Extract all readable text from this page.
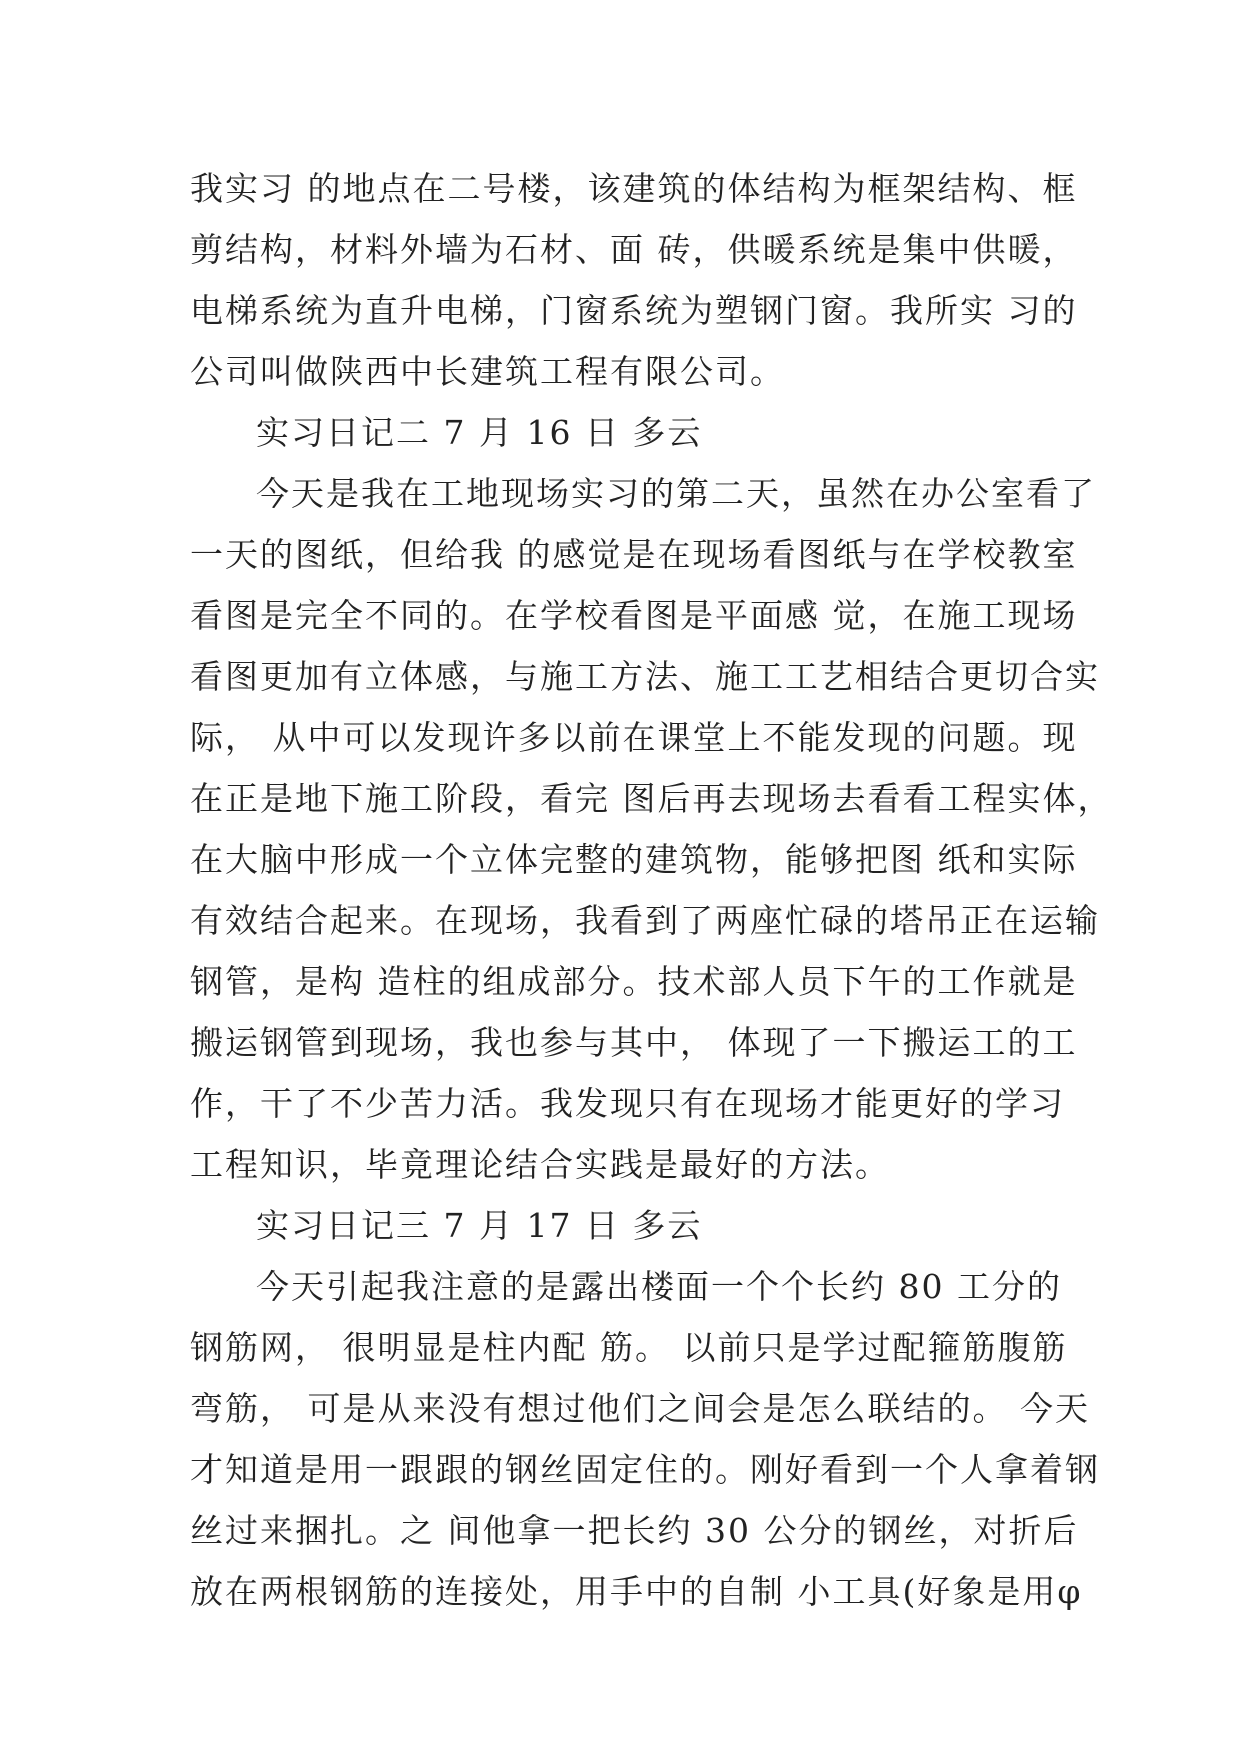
我实习 的地点在二号楼，该建筑的体结构为框架结构、框
剪结构，材料外墙为石材、面 砖，供暖系统是集中供暖，
电梯系统为直升电梯，门窗系统为塑钢门窗。我所实 习的
公司叫做陕西中长建筑工程有限公司。
实习日记二 7 月 16 日 多云
今天是我在工地现场实习的第二天，虽然在办公室看了
一天的图纸，但给我 的感觉是在现场看图纸与在学校教室
看图是完全不同的。在学校看图是平面感 觉，在施工现场
看图更加有立体感，与施工方法、施工工艺相结合更切合实
际， 从中可以发现许多以前在课堂上不能发现的问题。现
在正是地下施工阶段，看完 图后再去现场去看看工程实体，
在大脑中形成一个立体完整的建筑物，能够把图 纸和实际
有效结合起来。在现场，我看到了两座忙碌的塔吊正在运输
钢管，是构 造柱的组成部分。技术部人员下午的工作就是
搬运钢管到现场，我也参与其中， 体现了一下搬运工的工
作，干了不少苦力活。我发现只有在现场才能更好的学习
工程知识，毕竟理论结合实践是最好的方法。
实习日记三 7 月 17 日 多云
今天引起我注意的是露出楼面一个个长约 80 工分的
钢筋网， 很明显是柱内配 筋。 以前只是学过配箍筋腹筋
弯筋， 可是从来没有想过他们之间会是怎么联结的。 今天
才知道是用一跟跟的钢丝固定住的。刚好看到一个人拿着钢
丝过来捆扎。之 间他拿一把长约 30 公分的钢丝，对折后
放在两根钢筋的连接处，用手中的自制 小工具(好象是用φ
